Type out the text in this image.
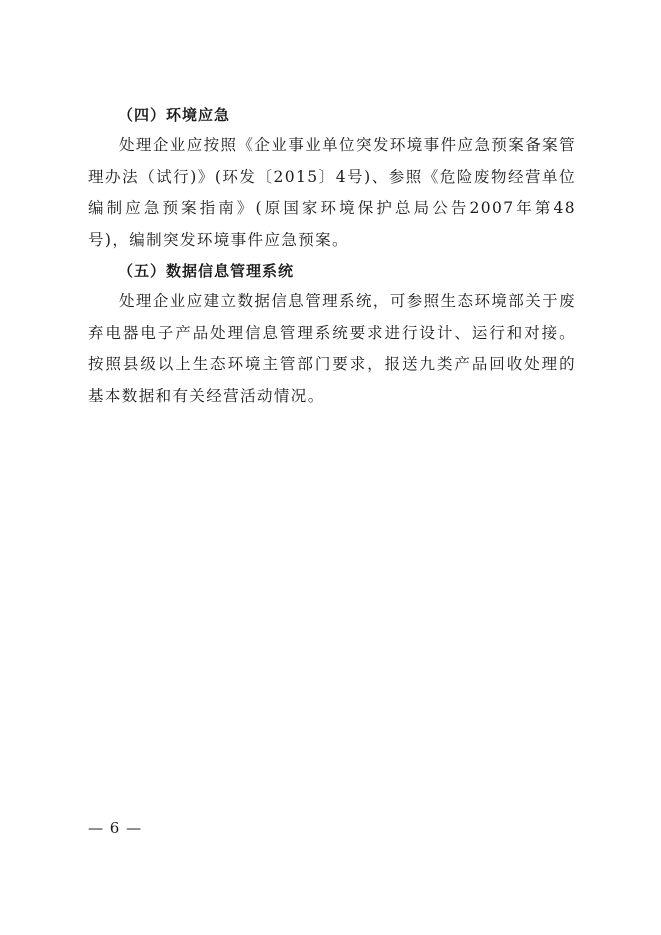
（四）环境应急

处理企业应按照《企业事业单位突发环境事件应急预案备案管理办法（试行)》(环发〔2015〕4号)、参照《危险废物经营单位编制应急预案指南》(原国家环境保护总局公告2007年第48号)，编制突发环境事件应急预案。

（五）数据信息管理系统

处理企业应建立数据信息管理系统，可参照生态环境部关于废弃电器电子产品处理信息管理系统要求进行设计、运行和对接。按照县级以上生态环境主管部门要求，报送九类产品回收处理的基本数据和有关经营活动情况。

— 6 —
